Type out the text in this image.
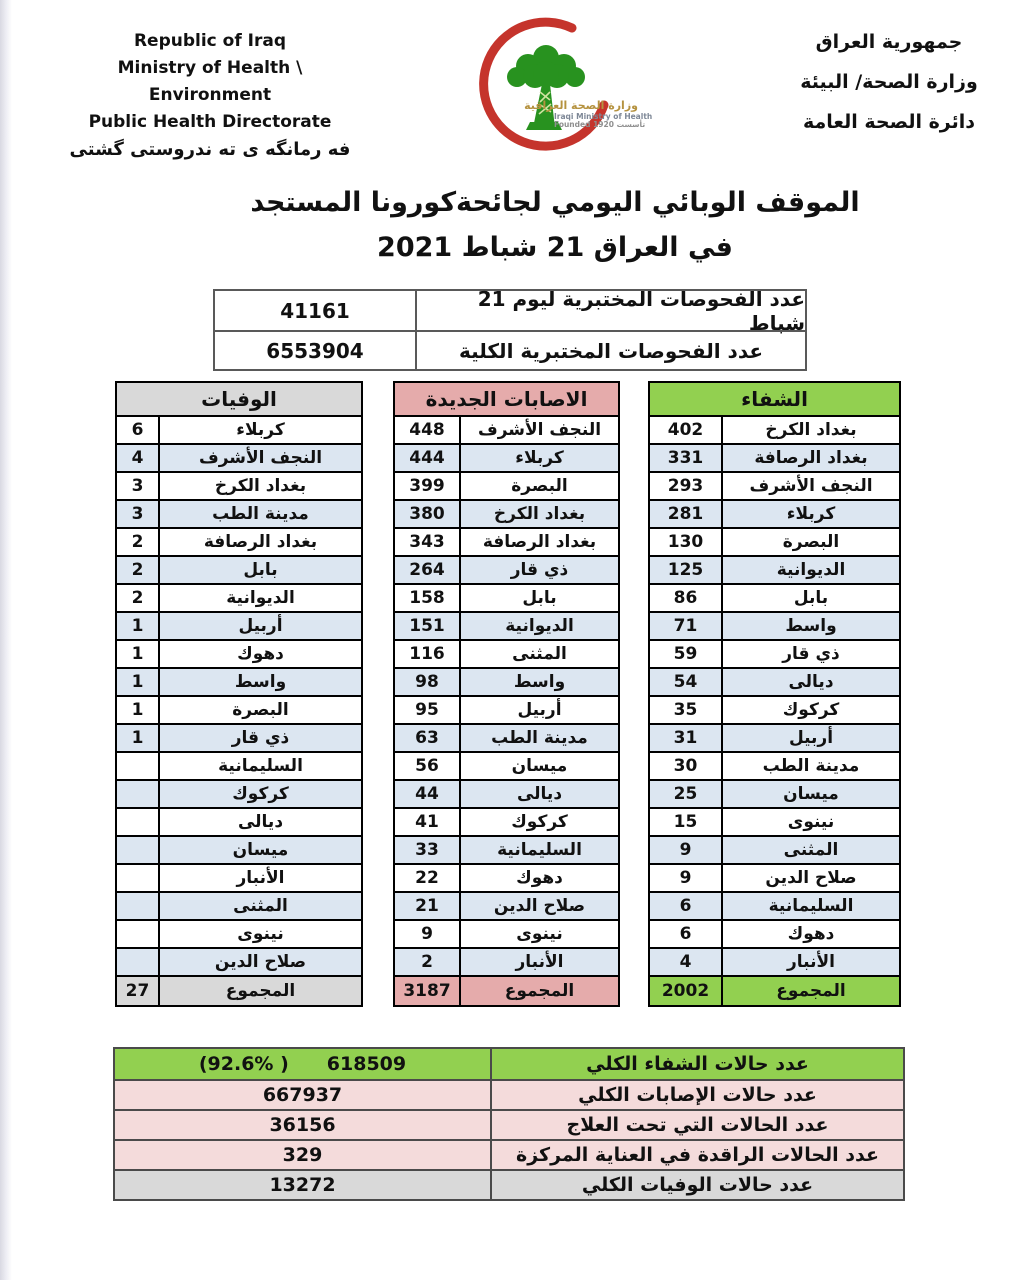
Republic of Iraq
Ministry of Health \ Environment
Public Health Directorate
فه رمانگه ی ته ندروستی گشتی
وزارة الصحة العراقية
Iraqi Ministry of Health
Founded 1920 تأسست
جمهورية العراق
وزارة الصحة/ البيئة
دائرة الصحة العامة
الموقف الوبائي اليومي لجائحةكورونا المستجد
في العراق 21 شباط 2021
41161	عدد الفحوصات المختبرية ليوم 21 شباط
6553904	عدد الفحوصات المختبرية الكلية
الوفيات
6	كربلاء
4	النجف الأشرف
3	بغداد الكرخ
3	مدينة الطب
2	بغداد الرصافة
2	بابل
2	الديوانية
1	أربيل
1	دهوك
1	واسط
1	البصرة
1	ذي قار
السليمانية
كركوك
ديالى
ميسان
الأنبار
المثنى
نينوى
صلاح الدين
27	المجموع
الاصابات الجديدة
448	النجف الأشرف
444	كربلاء
399	البصرة
380	بغداد الكرخ
343	بغداد الرصافة
264	ذي قار
158	بابل
151	الديوانية
116	المثنى
98	واسط
95	أربيل
63	مدينة الطب
56	ميسان
44	ديالى
41	كركوك
33	السليمانية
22	دهوك
21	صلاح الدين
9	نينوى
2	الأنبار
3187	المجموع
الشفاء
402	بغداد الكرخ
331	بغداد الرصافة
293	النجف الأشرف
281	كربلاء
130	البصرة
125	الديوانية
86	بابل
71	واسط
59	ذي قار
54	ديالى
35	كركوك
31	أربيل
30	مدينة الطب
25	ميسان
15	نينوى
9	المثنى
9	صلاح الدين
6	السليمانية
6	دهوك
4	الأنبار
2002	المجموع
(92.6% ) 618509	عدد حالات الشفاء الكلي
667937	عدد حالات الإصابات الكلي
36156	عدد الحالات التي تحت العلاج
329	عدد الحالات الراقدة في العناية المركزة
13272	عدد حالات الوفيات الكلي
